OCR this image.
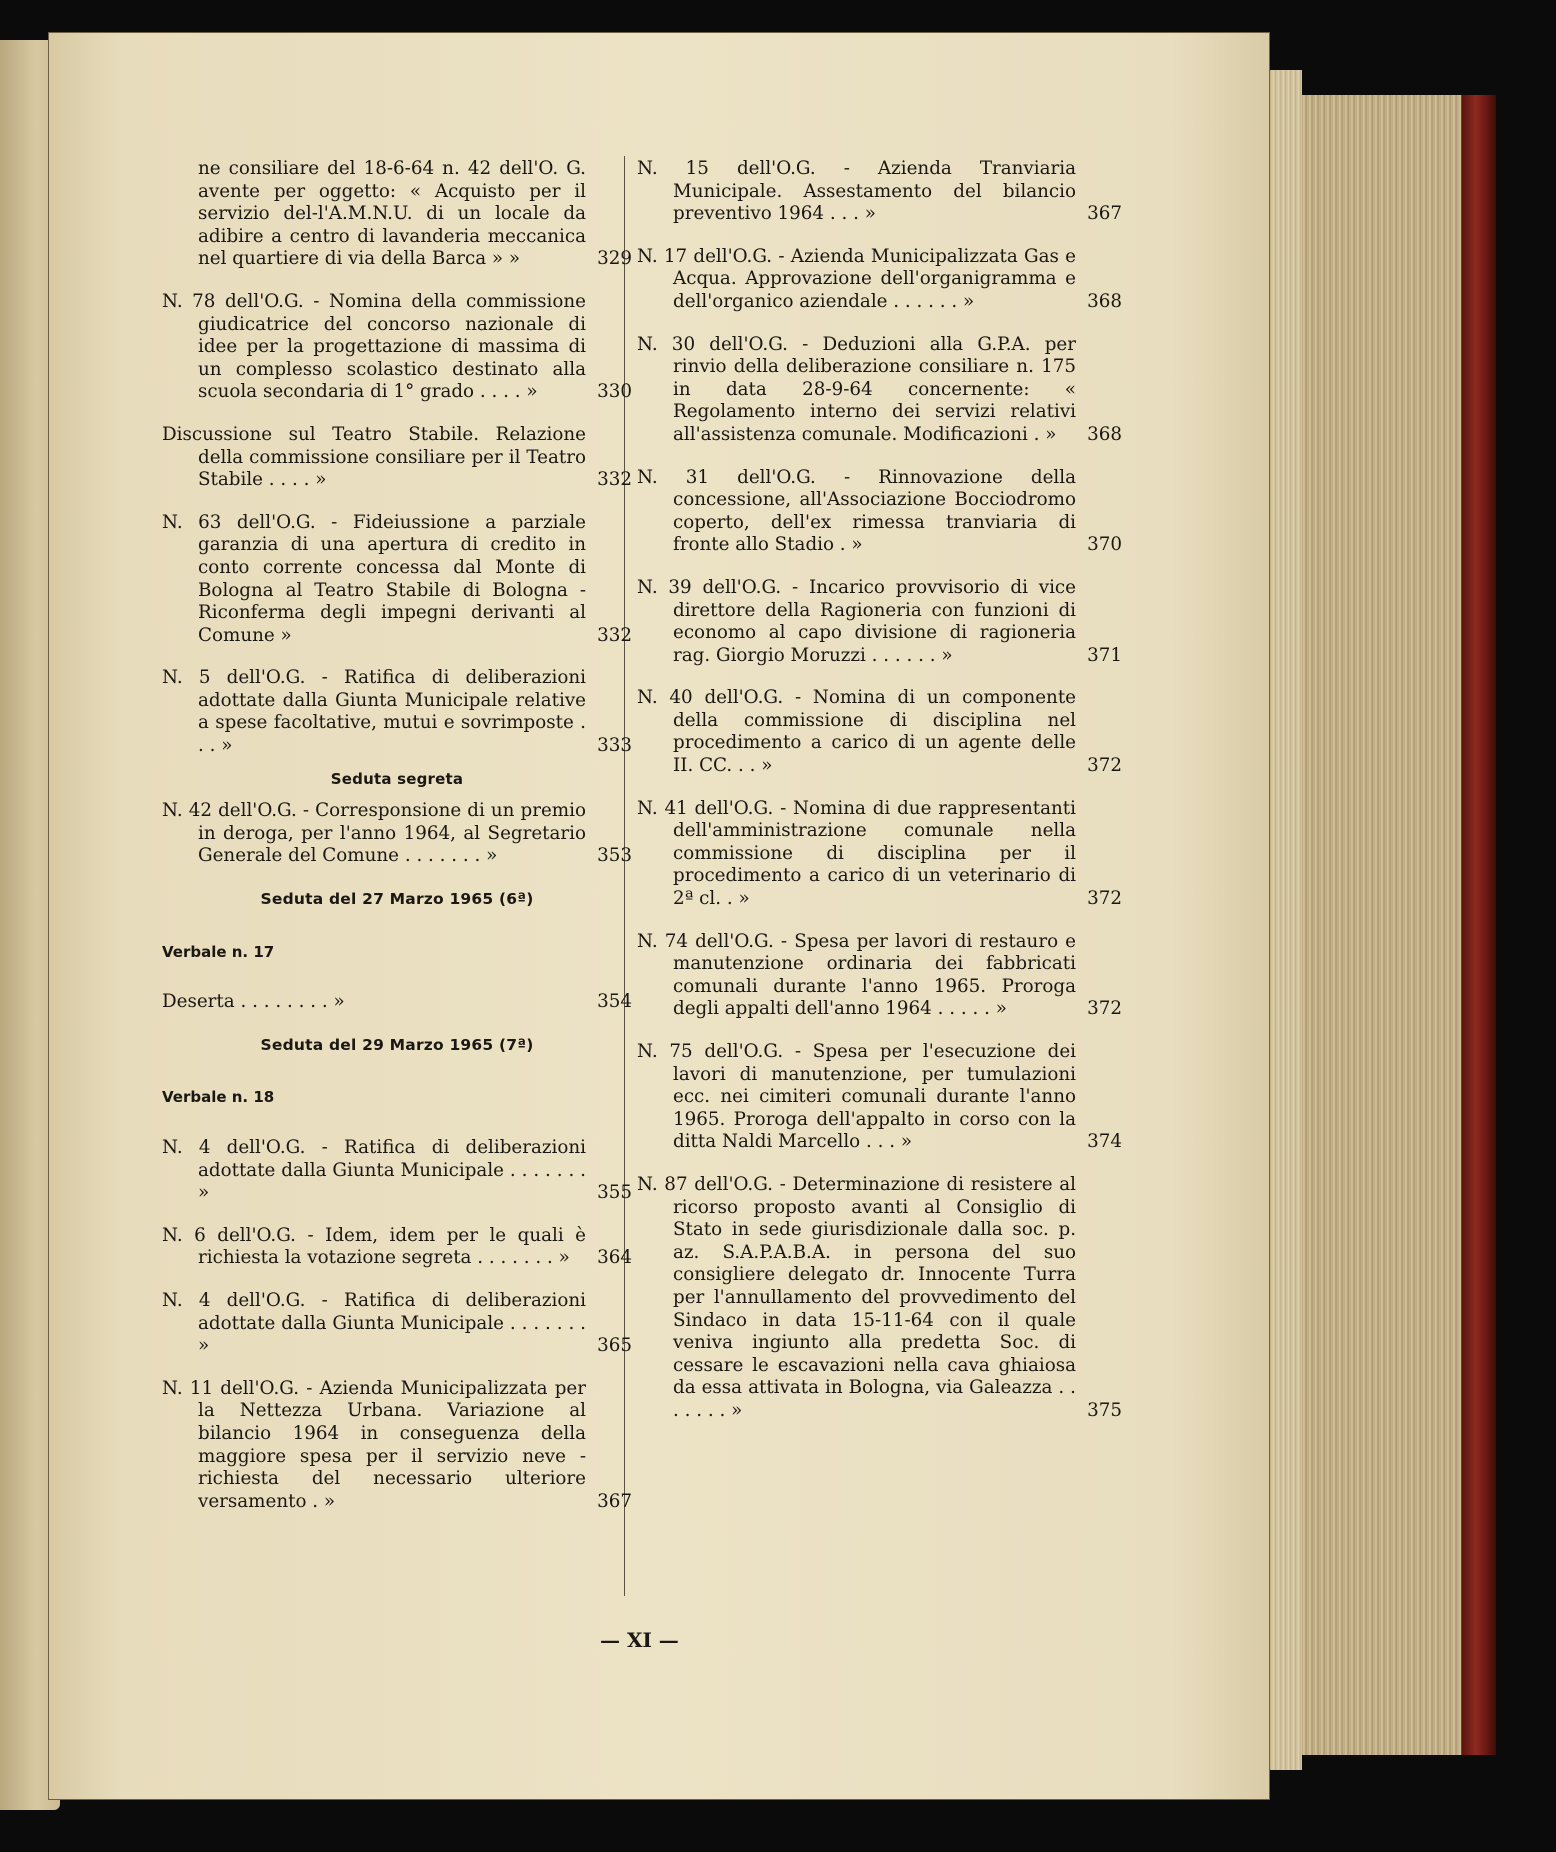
ne consiliare del 18-6-64 n. 42 dell'O. G. avente per oggetto: « Acquisto per il servizio del-l'A.M.N.U. di un locale da adibire a centro di lavanderia meccanica nel quartiere di via della Barca » »	329
N. 78 dell'O.G. - Nomina della commissione giudicatrice del concorso nazionale di idee per la progettazione di massima di un complesso scolastico destinato alla scuola secondaria di 1° grado . . . . »	330
Discussione sul Teatro Stabile. Relazione della commissione consiliare per il Teatro Stabile . . . . »	332
N. 63 dell'O.G. - Fideiussione a parziale garanzia di una apertura di credito in conto corrente concessa dal Monte di Bologna al Teatro Stabile di Bologna - Riconferma degli impegni derivanti al Comune »	332
N. 5 dell'O.G. - Ratifica di deliberazioni adottate dalla Giunta Municipale relative a spese facoltative, mutui e sovrimposte . . . »	333
Seduta segreta
N. 42 dell'O.G. - Corresponsione di un premio in deroga, per l'anno 1964, al Segretario Generale del Comune . . . . . . . »	353
Seduta del 27 Marzo 1965 (6ª)
Verbale n. 17
Deserta . . . . . . . . »	354
Seduta del 29 Marzo 1965 (7ª)
Verbale n. 18
N. 4 dell'O.G. - Ratifica di deliberazioni adottate dalla Giunta Municipale . . . . . . . »	355
N. 6 dell'O.G. - Idem, idem per le quali è richiesta la votazione segreta . . . . . . . »	364
N. 4 dell'O.G. - Ratifica di deliberazioni adottate dalla Giunta Municipale . . . . . . . »	365
N. 11 dell'O.G. - Azienda Municipalizzata per la Nettezza Urbana. Variazione al bilancio 1964 in conseguenza della maggiore spesa per il servizio neve - richiesta del necessario ulteriore versamento . »	367
N. 15 dell'O.G. - Azienda Tranviaria Municipale. Assestamento del bilancio preventivo 1964 . . . »	367
N. 17 dell'O.G. - Azienda Municipalizzata Gas e Acqua. Approvazione dell'organigramma e dell'organico aziendale . . . . . . »	368
N. 30 dell'O.G. - Deduzioni alla G.P.A. per rinvio della deliberazione consiliare n. 175 in data 28-9-64 concernente: « Regolamento interno dei servizi relativi all'assistenza comunale. Modificazioni . »	368
N. 31 dell'O.G. - Rinnovazione della concessione, all'Associazione Bocciodromo coperto, dell'ex rimessa tranviaria di fronte allo Stadio . »	370
N. 39 dell'O.G. - Incarico provvisorio di vice direttore della Ragioneria con funzioni di economo al capo divisione di ragioneria rag. Giorgio Moruzzi . . . . . . »	371
N. 40 dell'O.G. - Nomina di un componente della commissione di disciplina nel procedimento a carico di un agente delle II. CC. . . »	372
N. 41 dell'O.G. - Nomina di due rappresentanti dell'amministrazione comunale nella commissione di disciplina per il procedimento a carico di un veterinario di 2ª cl. . »	372
N. 74 dell'O.G. - Spesa per lavori di restauro e manutenzione ordinaria dei fabbricati comunali durante l'anno 1965. Proroga degli appalti dell'anno 1964 . . . . . »	372
N. 75 dell'O.G. - Spesa per l'esecuzione dei lavori di manutenzione, per tumulazioni ecc. nei cimiteri comunali durante l'anno 1965. Proroga dell'appalto in corso con la ditta Naldi Marcello . . . »	374
N. 87 dell'O.G. - Determinazione di resistere al ricorso proposto avanti al Consiglio di Stato in sede giurisdizionale dalla soc. p. az. S.A.P.A.B.A. in persona del suo consigliere delegato dr. Innocente Turra per l'annullamento del provvedimento del Sindaco in data 15-11-64 con il quale veniva ingiunto alla predetta Soc. di cessare le escavazioni nella cava ghiaiosa da essa attivata in Bologna, via Galeazza . . . . . . . »	375
— XI —
